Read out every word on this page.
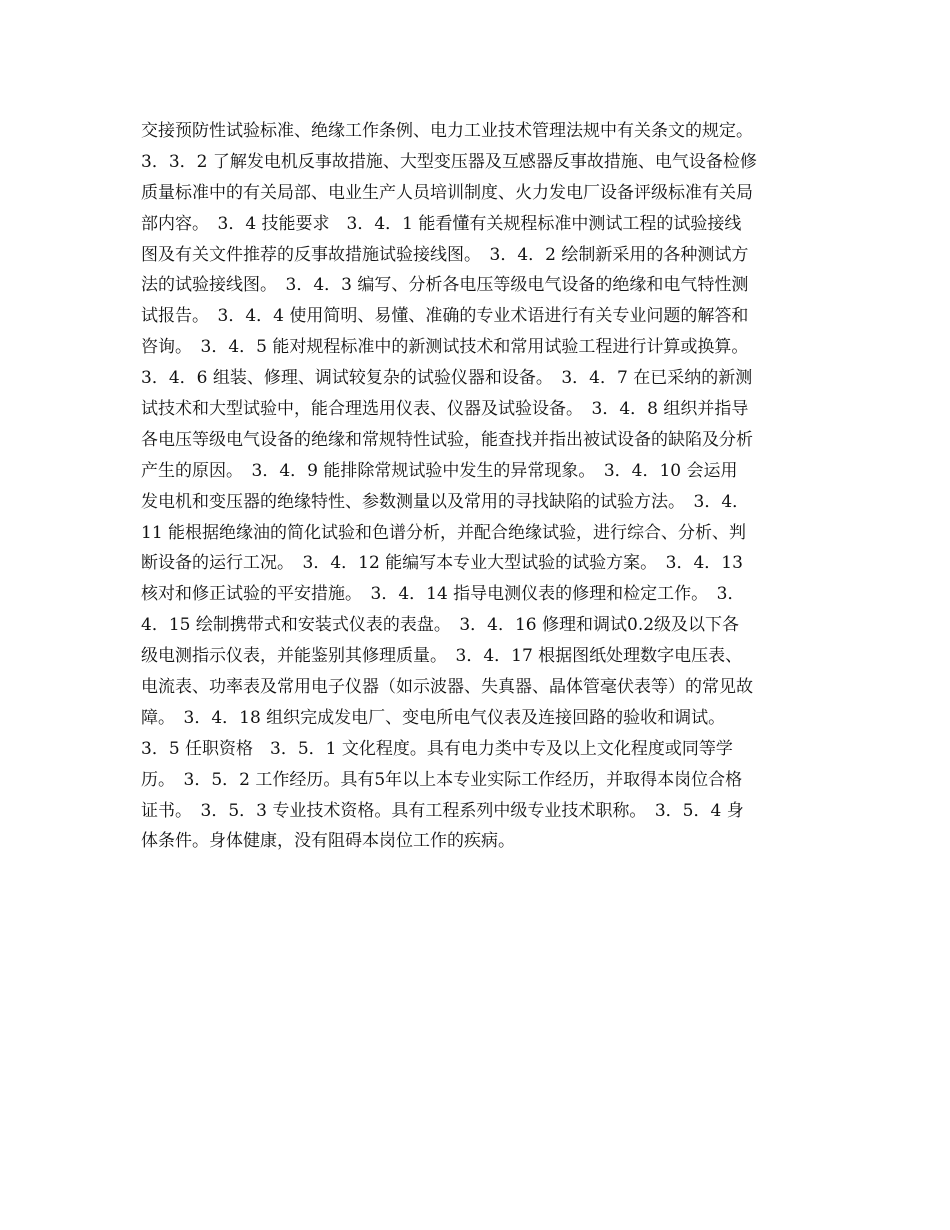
交接预防性试验标准、绝缘工作条例、电力工业技术管理法规中有关条文的规定。
3．3．2 了解发电机反事故措施、大型变压器及互感器反事故措施、电气设备检修
质量标准中的有关局部、电业生产人员培训制度、火力发电厂设备评级标准有关局
部内容。　3．4 技能要求　3．4．1 能看懂有关规程标准中测试工程的试验接线
图及有关文件推荐的反事故措施试验接线图。　3．4．2 绘制新采用的各种测试方
法的试验接线图。　3．4．3 编写、分析各电压等级电气设备的绝缘和电气特性测
试报告。　3．4．4 使用简明、易懂、准确的专业术语进行有关专业问题的解答和
咨询。　3．4．5 能对规程标准中的新测试技术和常用试验工程进行计算或换算。
3．4．6 组装、修理、调试较复杂的试验仪器和设备。　3．4．7 在已采纳的新测
试技术和大型试验中，能合理选用仪表、仪器及试验设备。　3．4．8 组织并指导
各电压等级电气设备的绝缘和常规特性试验，能查找并指出被试设备的缺陷及分析
产生的原因。　3．4．9 能排除常规试验中发生的异常现象。　3．4．10 会运用
发电机和变压器的绝缘特性、参数测量以及常用的寻找缺陷的试验方法。　3．4．
11 能根据绝缘油的简化试验和色谱分析，并配合绝缘试验，进行综合、分析、判
断设备的运行工况。　3．4．12 能编写本专业大型试验的试验方案。　3．4．13
核对和修正试验的平安措施。　3．4．14 指导电测仪表的修理和检定工作。　3．
4．15 绘制携带式和安装式仪表的表盘。　3．4．16 修理和调试0.2级及以下各
级电测指示仪表，并能鉴别其修理质量。　3．4．17 根据图纸处理数字电压表、
电流表、功率表及常用电子仪器（如示波器、失真器、晶体管毫伏表等）的常见故
障。　3．4．18 组织完成发电厂、变电所电气仪表及连接回路的验收和调试。
3．5 任职资格　3．5．1 文化程度。具有电力类中专及以上文化程度或同等学
历。　3．5．2 工作经历。具有5年以上本专业实际工作经历，并取得本岗位合格
证书。　3．5．3 专业技术资格。具有工程系列中级专业技术职称。　3．5．4 身
体条件。身体健康，没有阻碍本岗位工作的疾病。
